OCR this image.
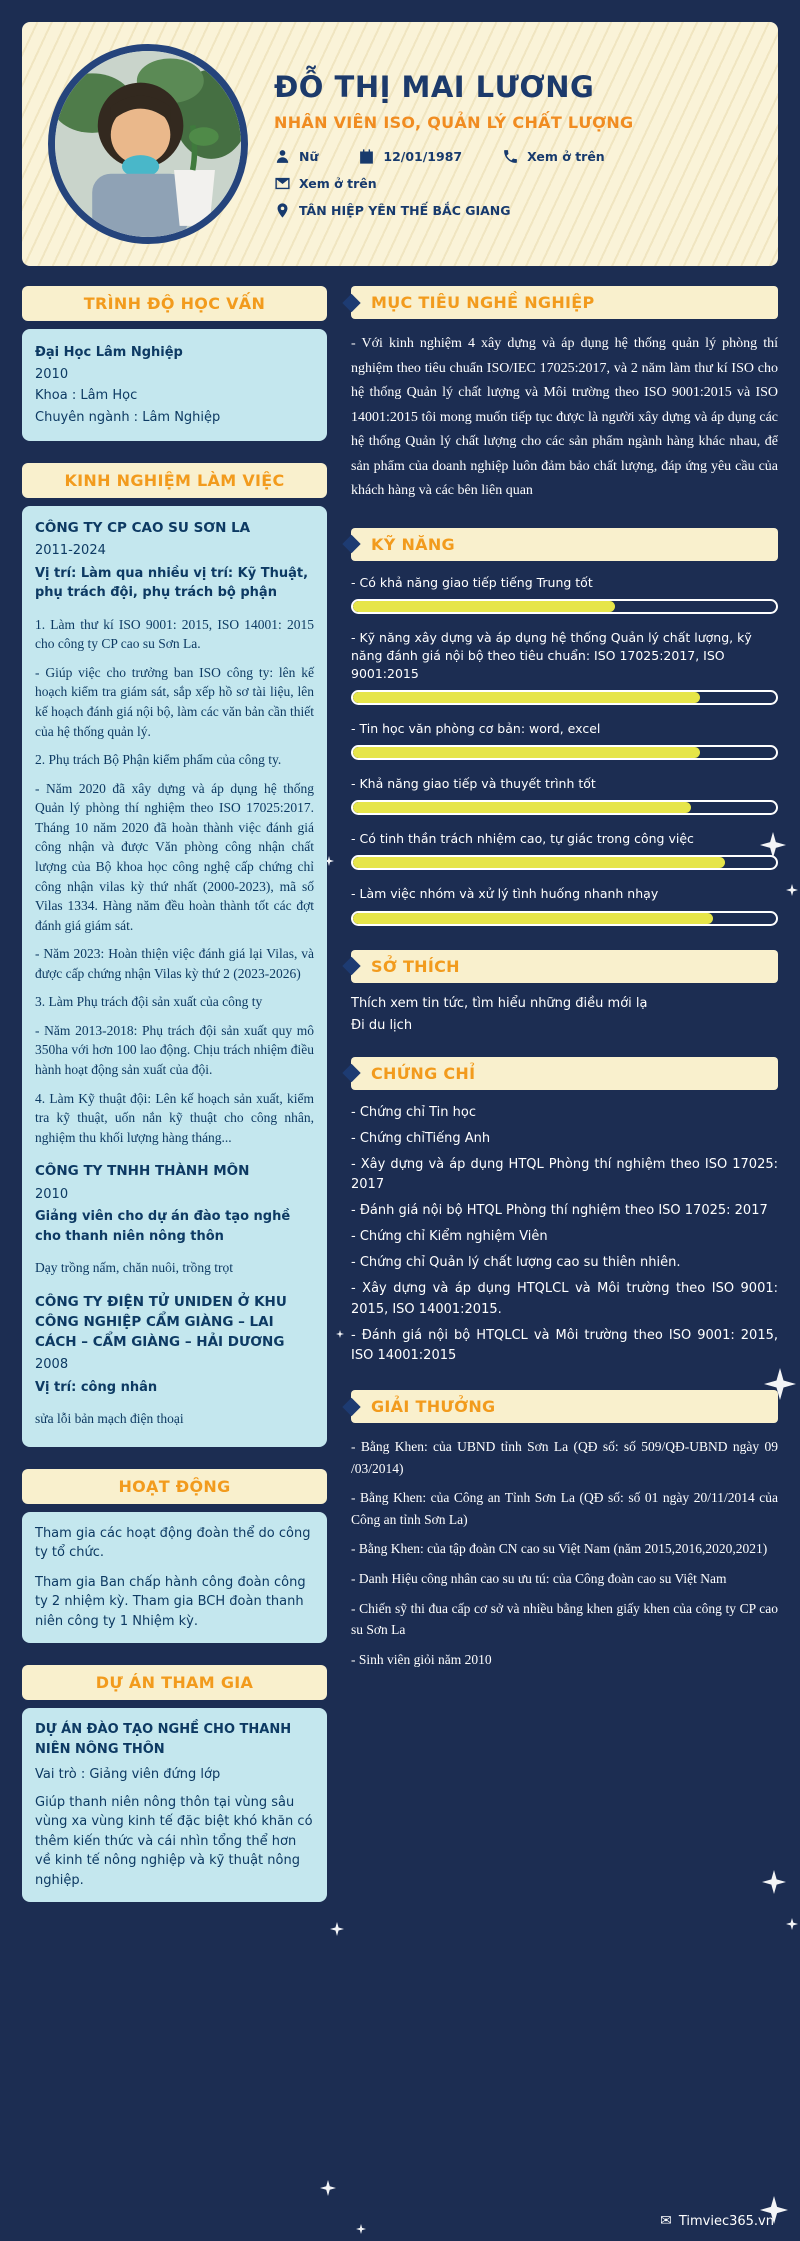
ĐỖ THỊ MAI LƯƠNG
NHÂN VIÊN ISO, QUẢN LÝ CHẤT LƯỢNG
Nữ	12/01/1987	Xem ở trên
Xem ở trên
TÂN HIỆP YÊN THẾ BẮC GIANG
TRÌNH ĐỘ HỌC VẤN
Đại Học Lâm Nghiệp
2010
Khoa : Lâm Học
Chuyên ngành : Lâm Nghiệp
KINH NGHIỆM LÀM VIỆC
CÔNG TY CP CAO SU SƠN LA
2011-2024
Vị trí: Làm qua nhiều vị trí: Kỹ Thuật, phụ trách đội, phụ trách bộ phận

1. Làm thư kí ISO 9001: 2015, ISO 14001: 2015 cho công ty CP cao su Sơn La.

- Giúp việc cho trưởng ban ISO công ty: lên kế hoạch kiểm tra giám sát, sắp xếp hồ sơ tài liệu, lên kế hoạch đánh giá nội bộ, làm các văn bản cần thiết của hệ thống quản lý.

2. Phụ trách Bộ Phận kiểm phẩm của công ty.

- Năm 2020 đã xây dựng và áp dụng hệ thống Quản lý phòng thí nghiệm theo ISO 17025:2017. Tháng 10 năm 2020 đã hoàn thành việc đánh giá công nhận và được Văn phòng công nhận chất lượng của Bộ khoa học công nghệ cấp chứng chỉ công nhận vilas kỳ thứ nhất (2000-2023), mã số Vilas 1334. Hàng năm đều hoàn thành tốt các đợt đánh giá giám sát.

- Năm 2023: Hoàn thiện việc đánh giá lại Vilas, và được cấp chứng nhận Vilas kỳ thứ 2 (2023-2026)

3. Làm Phụ trách đội sản xuất của công ty

- Năm 2013-2018: Phụ trách đội sản xuất quy mô 350ha với hơn 100 lao động. Chịu trách nhiệm điều hành hoạt động sản xuất của đội.

4. Làm Kỹ thuật đội: Lên kế hoạch sản xuất, kiểm tra kỹ thuật, uốn nắn kỹ thuật cho công nhân, nghiệm thu khối lượng hàng tháng...

CÔNG TY TNHH THÀNH MÔN
2010
Giảng viên cho dự án đào tạo nghề cho thanh niên nông thôn

Dạy trồng nấm, chăn nuôi, trồng trọt

CÔNG TY ĐIỆN TỬ UNIDEN Ở KHU CÔNG NGHIỆP CẨM GIÀNG – LAI CÁCH – CẨM GIÀNG – HẢI DƯƠNG
2008
Vị trí: công nhân

sửa lỗi bản mạch điện thoại

HOẠT ĐỘNG

Tham gia các hoạt động đoàn thể do công ty tổ chức.

Tham gia Ban chấp hành công đoàn công ty 2 nhiệm kỳ. Tham gia BCH đoàn thanh niên công ty 1 Nhiệm kỳ.

DỰ ÁN THAM GIA
DỰ ÁN ĐÀO TẠO NGHỀ CHO THANH NIÊN NÔNG THÔN
Vai trò : Giảng viên đứng lớp
Giúp thanh niên nông thôn tại vùng sâu vùng xa vùng kinh tế đặc biệt khó khăn có thêm kiến thức và cái nhìn tổng thể hơn về kinh tế nông nghiệp và kỹ thuật nông nghiệp.
MỤC TIÊU NGHỀ NGHIỆP

- Với kinh nghiệm 4 xây dựng và áp dụng hệ thống quản lý phòng thí nghiệm theo tiêu chuẩn ISO/IEC 17025:2017, và 2 năm làm thư kí ISO cho hệ thống Quản lý chất lượng và Môi trường theo ISO 9001:2015 và ISO 14001:2015 tôi mong muốn tiếp tục được là người xây dựng và áp dụng các hệ thống Quản lý chất lượng cho các sản phẩm ngành hàng khác nhau, để sản phẩm của doanh nghiệp luôn đảm bảo chất lượng, đáp ứng yêu cầu của khách hàng và các bên liên quan

KỸ NĂNG
- Có khả năng giao tiếp tiếng Trung tốt
- Kỹ năng xây dựng và áp dụng hệ thống Quản lý chất lượng, kỹ năng đánh giá nội bộ theo tiêu chuẩn: ISO 17025:2017, ISO 9001:2015
- Tin học văn phòng cơ bản: word, excel
- Khả năng giao tiếp và thuyết trình tốt
- Có tinh thần trách nhiệm cao, tự giác trong công việc
- Làm việc nhóm và xử lý tình huống nhanh nhạy
SỞ THÍCH

Thích xem tin tức, tìm hiểu những điều mới lạ

Đi du lịch

CHỨNG CHỈ

- Chứng chỉ Tin học

- Chứng chỉTiếng Anh

- Xây dựng và áp dụng HTQL Phòng thí nghiệm theo ISO 17025: 2017

- Đánh giá nội bộ HTQL Phòng thí nghiệm theo ISO 17025: 2017

- Chứng chỉ Kiểm nghiệm Viên

- Chứng chỉ Quản lý chất lượng cao su thiên nhiên.

- Xây dựng và áp dụng HTQLCL và Môi trường theo ISO 9001: 2015, ISO 14001:2015.

- Đánh giá nội bộ HTQLCL và Môi trường theo ISO 9001: 2015, ISO 14001:2015

GIẢI THƯỞNG

- Bằng Khen: của UBND tỉnh Sơn La (QĐ số: số 509/QĐ-UBND ngày 09 /03/2014)

- Bằng Khen: của Công an Tỉnh Sơn La (QĐ số: số 01 ngày 20/11/2014 của Công an tỉnh Sơn La)

- Bằng Khen: của tập đoàn CN cao su Việt Nam (năm 2015,2016,2020,2021)

- Danh Hiệu công nhân cao su ưu tú: của Công đoàn cao su Việt Nam

- Chiến sỹ thi đua cấp cơ sở và nhiều bằng khen giấy khen của công ty CP cao su Sơn La

- Sinh viên giỏi năm 2010

✉ Timviec365.vn
